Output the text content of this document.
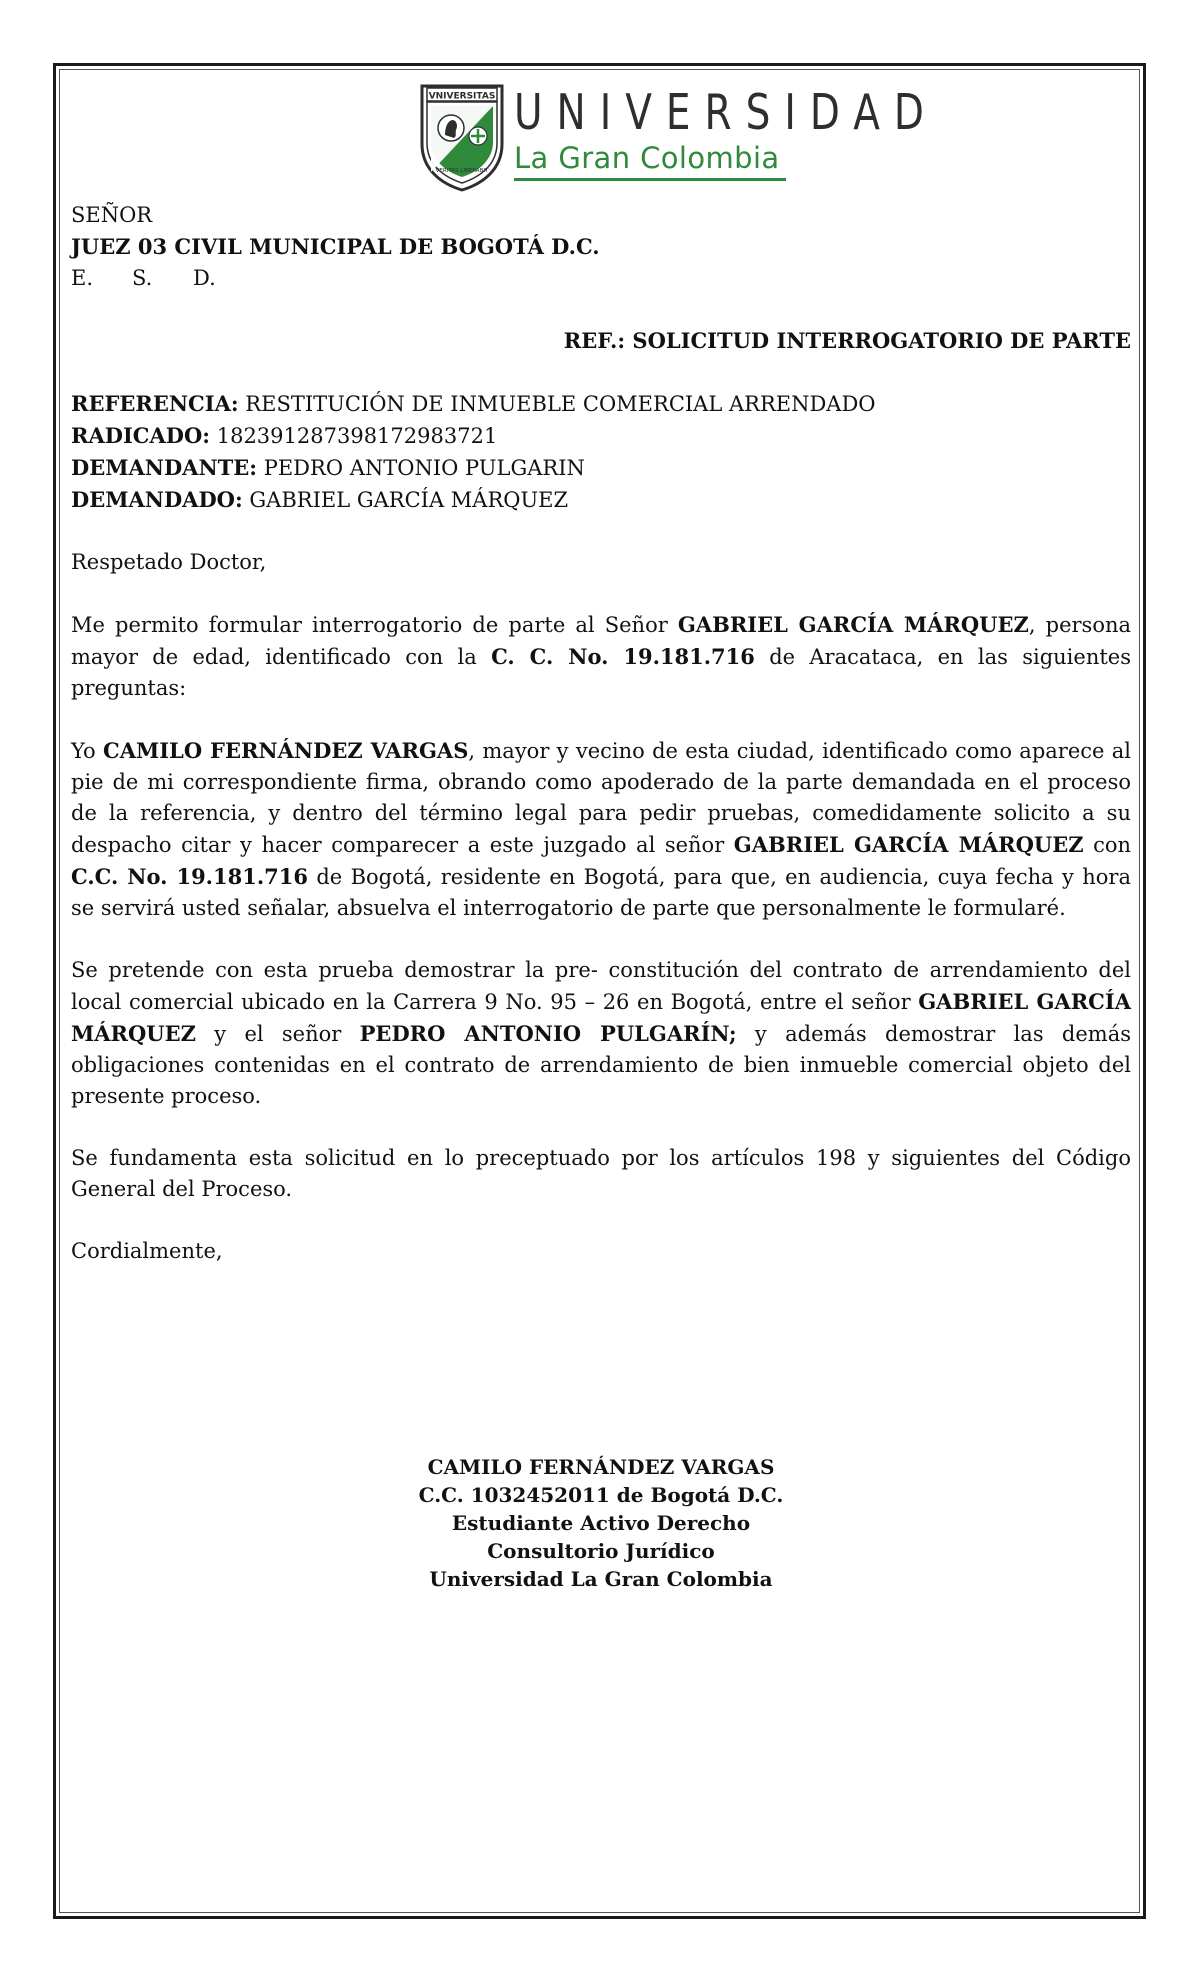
VNIVERSITAS
VERITAS LIBERABIT
UNIVERSIDAD
La Gran Colombia

SEÑOR

JUEZ 03 CIVIL MUNICIPAL DE BOGOTÁ D.C.

E. S. D.

REF.: SOLICITUD INTERROGATORIO DE PARTE

REFERENCIA: RESTITUCIÓN DE INMUEBLE COMERCIAL ARRENDADO

RADICADO: 182391287398172983721

DEMANDANTE: PEDRO ANTONIO PULGARIN

DEMANDADO: GABRIEL GARCÍA MÁRQUEZ

Respetado Doctor,

Me permito formular interrogatorio de parte al Señor GABRIEL GARCÍA MÁRQUEZ, persona mayor de edad, identificado con la C. C. No. 19.181.716 de Aracataca, en las siguientes preguntas:

Yo CAMILO FERNÁNDEZ VARGAS, mayor y vecino de esta ciudad, identificado como aparece al pie de mi correspondiente firma, obrando como apoderado de la parte demandada en el proceso de la referencia, y dentro del término legal para pedir pruebas, comedidamente solicito a su despacho citar y hacer comparecer a este juzgado al señor GABRIEL GARCÍA MÁRQUEZ con C.C. No. 19.181.716 de Bogotá, residente en Bogotá, para que, en audiencia, cuya fecha y hora se servirá usted señalar, absuelva el interrogatorio de parte que personalmente le formularé.

Se pretende con esta prueba demostrar la pre- constitución del contrato de arrendamiento del local comercial ubicado en la Carrera 9 No. 95 – 26 en Bogotá, entre el señor GABRIEL GARCÍA MÁRQUEZ y el señor PEDRO ANTONIO PULGARÍN; y además demostrar las demás obligaciones contenidas en el contrato de arrendamiento de bien inmueble comercial objeto del presente proceso.

Se fundamenta esta solicitud en lo preceptuado por los artículos 198 y siguientes del Código General del Proceso.

Cordialmente,

CAMILO FERNÁNDEZ VARGAS

C.C. 1032452011 de Bogotá D.C.

Estudiante Activo Derecho

Consultorio Jurídico

Universidad La Gran Colombia
